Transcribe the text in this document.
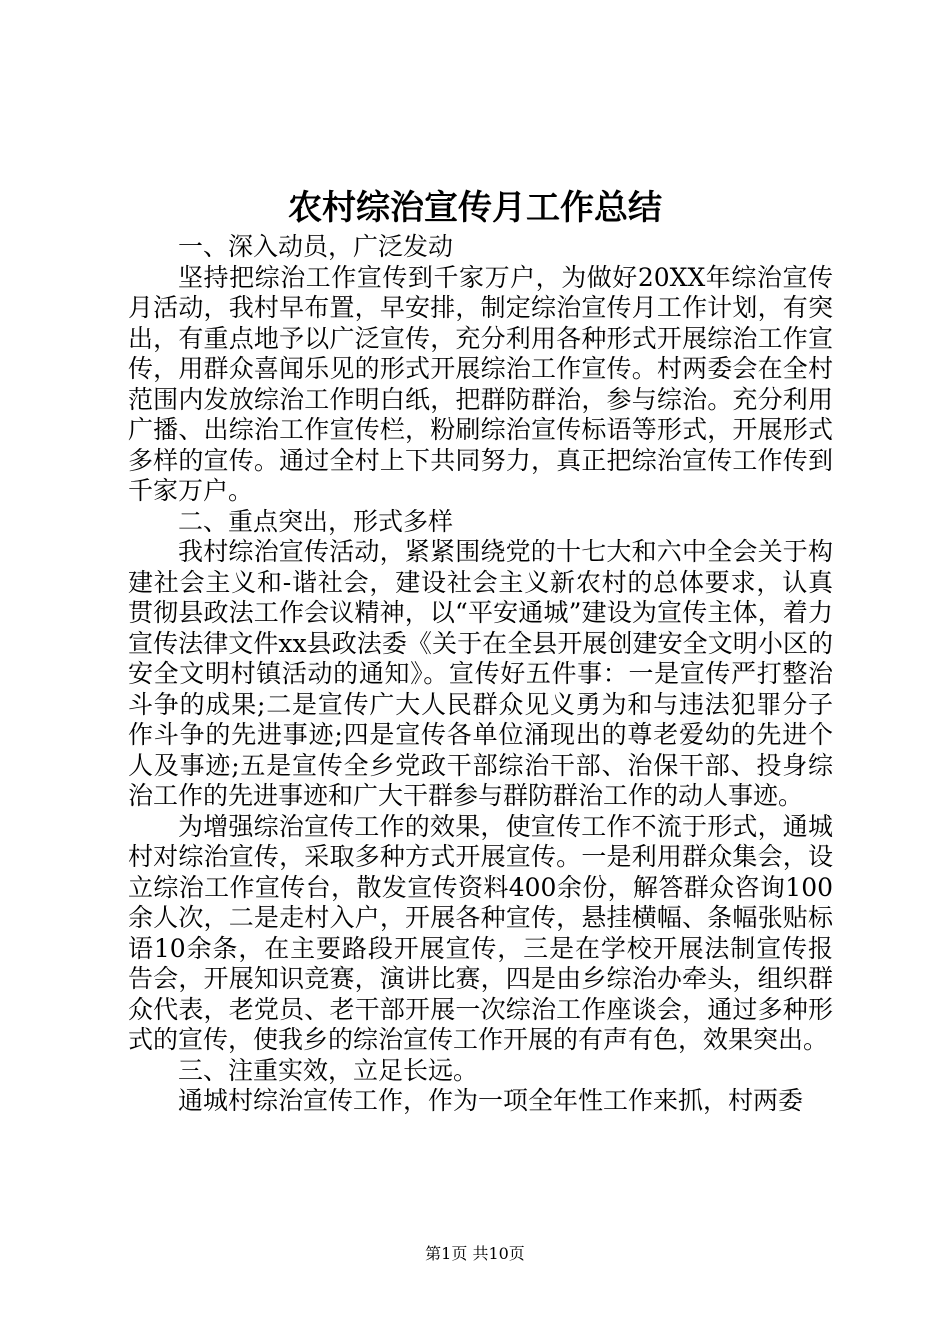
农村综治宣传月工作总结
一、深入动员，广泛发动

坚持把综治工作宣传到千家万户，为做好20XX年综治宣传月活动，我村早布置，早安排，制定综治宣传月工作计划，有突出，有重点地予以广泛宣传，充分利用各种形式开展综治工作宣传，用群众喜闻乐见的形式开展综治工作宣传。村两委会在全村范围内发放综治工作明白纸，把群防群治，参与综治。充分利用广播、出综治工作宣传栏，粉刷综治宣传标语等形式，开展形式多样的宣传。通过全村上下共同努力，真正把综治宣传工作传到千家万户。

二、重点突出，形式多样

我村综治宣传活动，紧紧围绕党的十七大和六中全会关于构建社会主义和-谐社会，建设社会主义新农村的总体要求，认真贯彻县政法工作会议精神，以“平安通城”建设为宣传主体，着力宣传法律文件xx县政法委《关于在全县开展创建安全文明小区的安全文明村镇活动的通知》。宣传好五件事：一是宣传严打整治斗争的成果;二是宣传广大人民群众见义勇为和与违法犯罪分子作斗争的先进事迹;四是宣传各单位涌现出的尊老爱幼的先进个人及事迹;五是宣传全乡党政干部综治干部、治保干部、投身综治工作的先进事迹和广大干群参与群防群治工作的动人事迹。

为增强综治宣传工作的效果，使宣传工作不流于形式，通城村对综治宣传，采取多种方式开展宣传。一是利用群众集会，设立综治工作宣传台，散发宣传资料400余份，解答群众咨询100余人次，二是走村入户，开展各种宣传，悬挂横幅、条幅张贴标语10余条，在主要路段开展宣传，三是在学校开展法制宣传报告会，开展知识竞赛，演讲比赛，四是由乡综治办牵头，组织群众代表，老党员、老干部开展一次综治工作座谈会，通过多种形式的宣传，使我乡的综治宣传工作开展的有声有色，效果突出。

三、注重实效，立足长远。

通城村综治宣传工作，作为一项全年性工作来抓，村两委

第1页 共10页
